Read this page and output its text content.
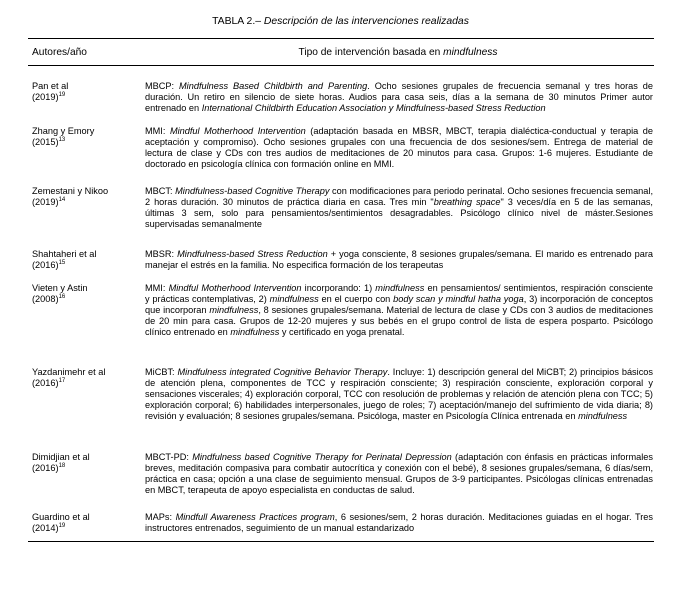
TABLA 2.– Descripción de las intervenciones realizadas
Autores/año	Tipo de intervención basada en mindfulness
Pan et al
$(2019)^{19}$
MBCP: Mindfulness Based Childbirth and Parenting. Ocho sesiones grupales de frecuencia semanal y tres horas de duración. Un retiro en silencio de siete horas. Audios para casa seis, días a la semana de 30 minutos Primer autor entrenado en International Childbirth Education Association y Mindfulness-based Stress Reduction
Zhang y Emory
$(2015)^{13}$
MMI: Mindful Motherhood Intervention (adaptación basada en MBSR, MBCT, terapia dialéctica-conductual y terapia de aceptación y compromiso). Ocho sesiones grupales con una frecuencia de dos sesiones/sem. Entrega de material de lectura de clase y CDs con tres audios de meditaciones de 20 minutos para casa. Grupos: 1-6 mujeres. Estudiante de doctorado en psicología clínica con formación online en MMI.
Zemestani y Nikoo
$(2019)^{14}$
MBCT: Mindfulness-based Cognitive Therapy con modificaciones para periodo perinatal. Ocho sesiones frecuencia semanal, 2 horas duración. 30 minutos de práctica diaria en casa. Tres min "breathing space" 3 veces/día en 5 de las semanas, últimas 3 sem, solo para pensamientos/sentimientos desagradables. Psicólogo clínico nivel de máster.Sesiones supervisadas semanalmente
Shahtaheri et al
$(2016)^{15}$
MBSR: Mindfulness-based Stress Reduction + yoga consciente, 8 sesiones grupales/semana. El marido es entrenado para manejar el estrés en la familia. No especifica formación de los terapeutas
Vieten y Astin
$(2008)^{16}$
MMI: Mindful Motherhood Intervention incorporando: 1) mindfulness en pensamientos/ sentimientos, respiración consciente y prácticas contemplativas, 2) mindfulness en el cuerpo con body scan y mindful hatha yoga, 3) incorporación de conceptos que incorporan mindfulness, 8 sesiones grupales/semana. Material de lectura de clase y CDs con 3 audios de meditaciones de 20 min para casa. Grupos de 12-20 mujeres y sus bebés en el grupo control de lista de espera posparto. Psicólogo clínico entrenado en mindfulness y certificado en yoga prenatal.
Yazdanimehr et al
$(2016)^{17}$
MiCBT: Mindfulness integrated Cognitive Behavior Therapy. Incluye: 1) descripción general del MiCBT; 2) principios básicos de atención plena, componentes de TCC y respiración consciente; 3) respiración consciente, exploración corporal y sensaciones viscerales; 4) exploración corporal, TCC con resolución de problemas y relación de atención plena con TCC; 5) exploración corporal; 6) habilidades interpersonales, juego de roles; 7) aceptación/manejo del sufrimiento de vida diaria; 8) revisión y evaluación; 8 sesiones grupales/semana. Psicóloga, master en Psicología Clínica entrenada en mindfulness
Dimidjian et al
$(2016)^{18}$
MBCT-PD: Mindfulness based Cognitive Therapy for Perinatal Depression (adaptación con énfasis en prácticas informales breves, meditación compasiva para combatir autocrítica y conexión con el bebé), 8 sesiones grupales/semana, 6 días/sem, práctica en casa; opción a una clase de seguimiento mensual. Grupos de 3-9 participantes. Psicólogas clínicas entrenadas en MBCT, terapeuta de apoyo especialista en conductas de salud.
Guardino et al
$(2014)^{19}$
MAPs: Mindfull Awareness Practices program, 6 sesiones/sem, 2 horas duración. Meditaciones guiadas en el hogar. Tres instructores entrenados, seguimiento de un manual estandarizado
